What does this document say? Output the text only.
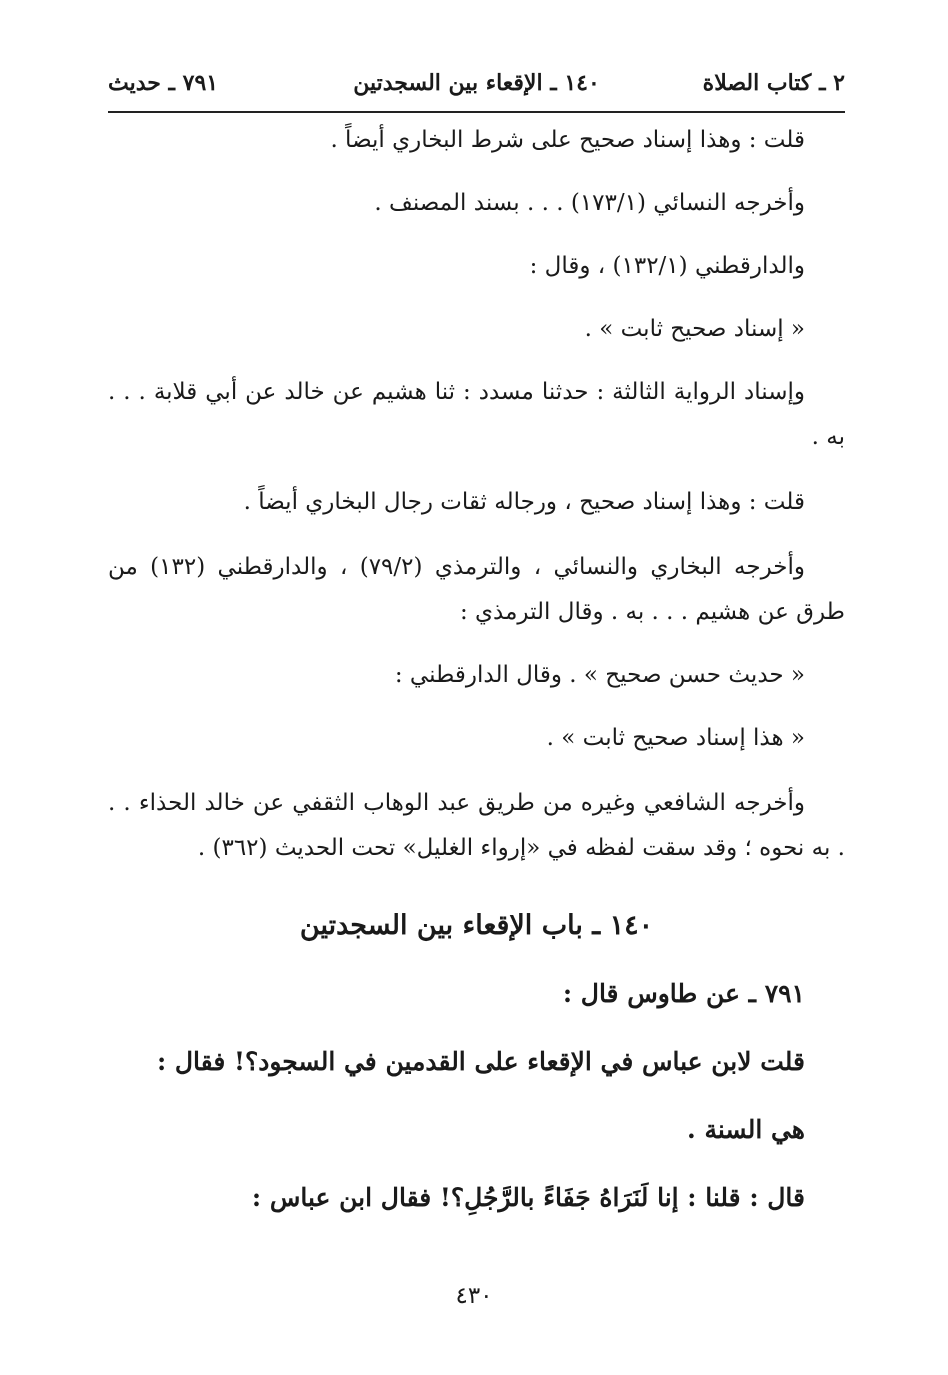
٢ ـ كتاب الصلاة
١٤٠ ـ الإقعاء بين السجدتين
٧٩١ ـ حديث

قلت : وهذا إسناد صحيح على شرط البخاري أيضاً .

وأخرجه النسائي (١٧٣/١) . . . بسند المصنف .

والدارقطني (١٣٢/١) ، وقال :

« إسناد صحيح ثابت » .

وإسناد الرواية الثالثة : حدثنا مسدد : ثنا هشيم عن خالد عن أبي قلابة . . . به .

قلت : وهذا إسناد صحيح ، ورجاله ثقات رجال البخاري أيضاً .

وأخرجه البخاري والنسائي ، والترمذي (٧٩/٢) ، والدارقطني (١٣٢) من طرق عن هشيم . . . به . وقال الترمذي :

« حديث حسن صحيح » . وقال الدارقطني :

« هذا إسناد صحيح ثابت » .

وأخرجه الشافعي وغيره من طريق عبد الوهاب الثقفي عن خالد الحذاء . . . به نحوه ؛ وقد سقت لفظه في «إرواء الغليل» تحت الحديث (٣٦٢) .

١٤٠ ـ باب الإقعاء بين السجدتين

٧٩١ ـ عن طاوس قال :

قلت لابن عباس في الإقعاء على القدمين في السجود؟! فقال :

هي السنة .

قال : قلنا : إنا لَنَرَاهُ جَفَاءً بالرَّجُلِ؟! فقال ابن عباس :

٤٣٠
